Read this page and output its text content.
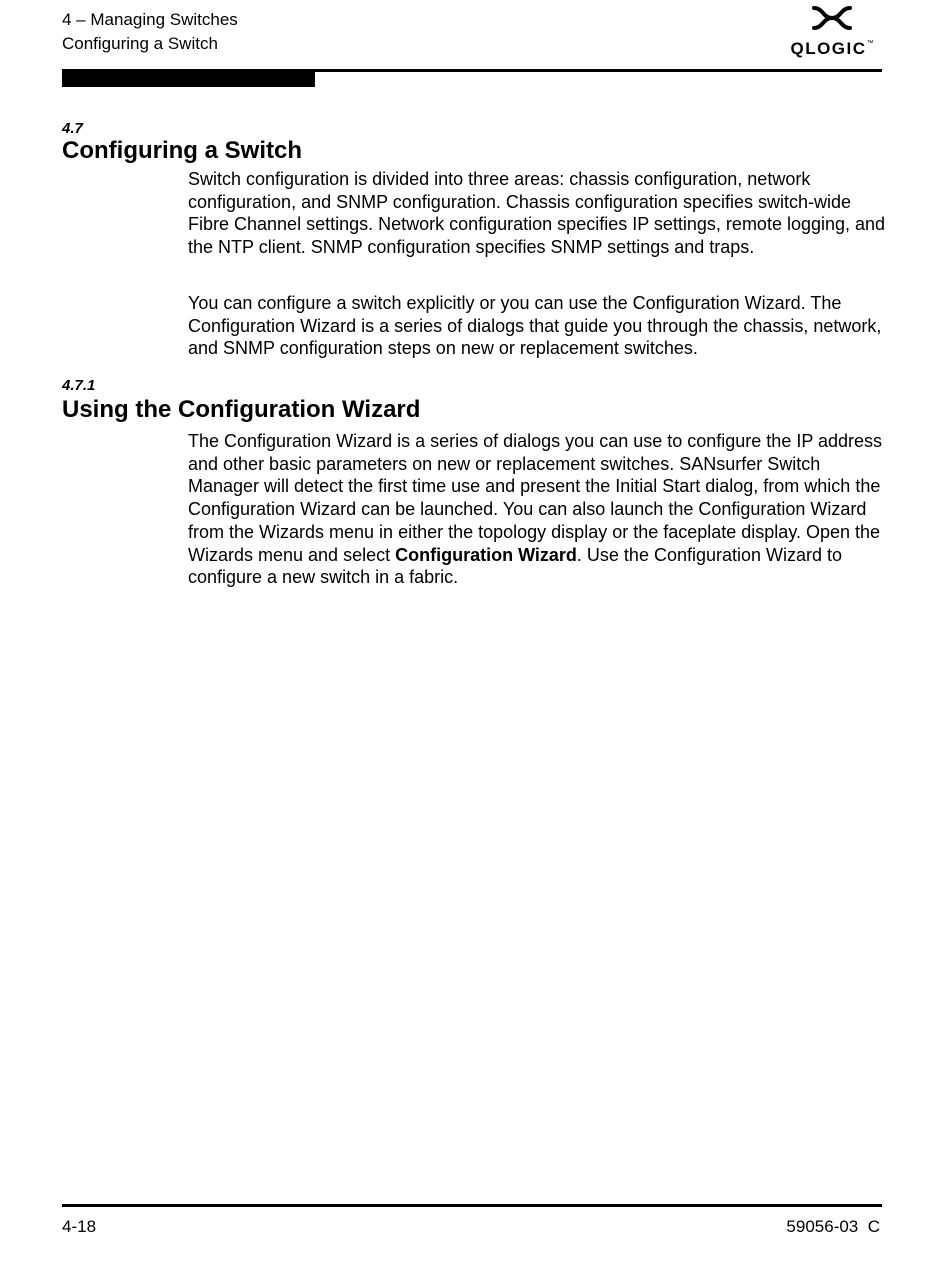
4 – Managing Switches
Configuring a Switch	QLOGIC™
4.7
Configuring a Switch

Switch configuration is divided into three areas: chassis configuration, network configuration, and SNMP configuration. Chassis configuration specifies switch-wide Fibre Channel settings. Network configuration specifies IP settings, remote logging, and the NTP client. SNMP configuration specifies SNMP settings and traps.

You can configure a switch explicitly or you can use the Configuration Wizard. The Configuration Wizard is a series of dialogs that guide you through the chassis, network, and SNMP configuration steps on new or replacement switches.

4.7.1
Using the Configuration Wizard

The Configuration Wizard is a series of dialogs you can use to configure the IP address and other basic parameters on new or replacement switches. SANsurfer Switch Manager will detect the first time use and present the Initial Start dialog, from which the Configuration Wizard can be launched. You can also launch the Configuration Wizard from the Wizards menu in either the topology display or the faceplate display. Open the Wizards menu and select Configuration Wizard. Use the Configuration Wizard to configure a new switch in a fabric.

4-18	59056-03  C
